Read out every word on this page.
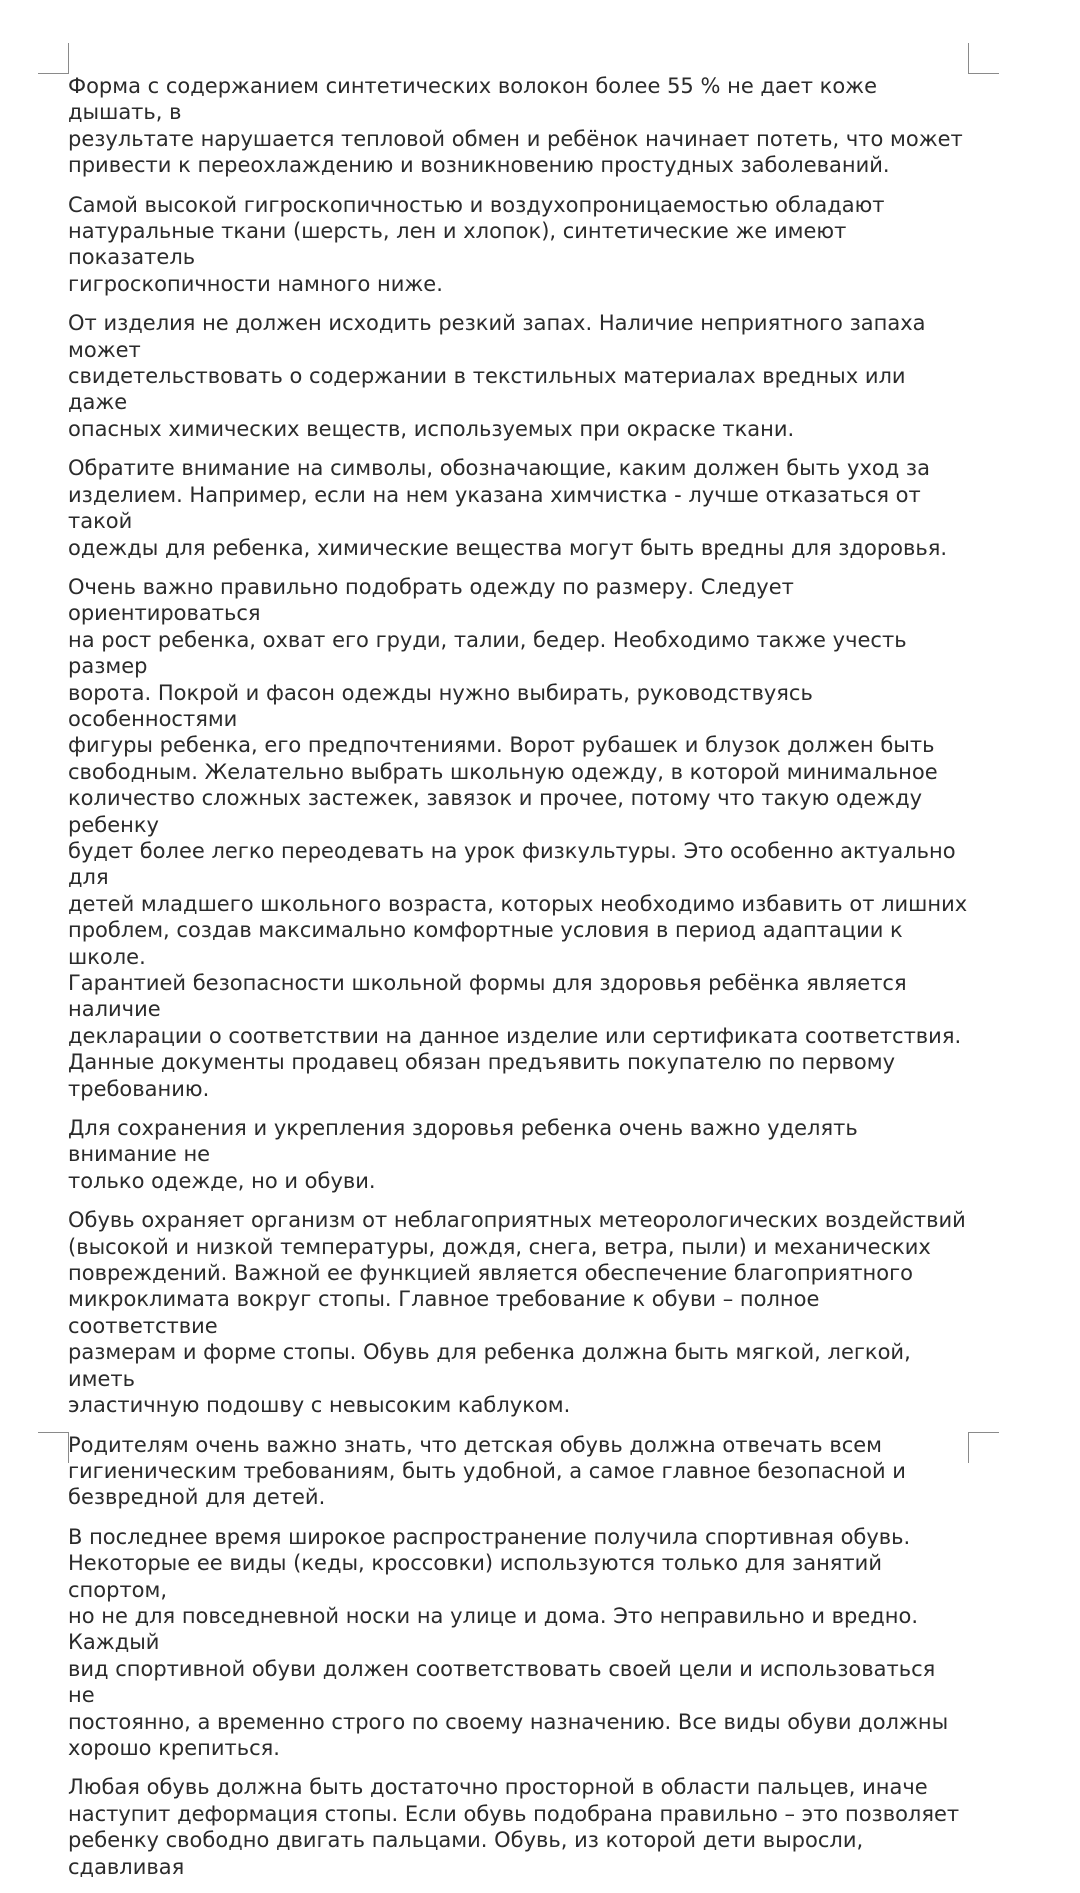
Форма с содержанием синтетических волокон более 55 % не дает коже дышать, в
результате нарушается тепловой обмен и ребёнок начинает потеть, что может
привести к переохлаждению и возникновению простудных заболеваний.

Самой высокой гигроскопичностью и воздухопроницаемостью обладают
натуральные ткани (шерсть, лен и хлопок), синтетические же имеют показатель
гигроскопичности намного ниже.

От изделия не должен исходить резкий запах. Наличие неприятного запаха может
свидетельствовать о содержании в текстильных материалах вредных или даже
опасных химических веществ, используемых при окраске ткани.

Обратите внимание на символы, обозначающие, каким должен быть уход за
изделием. Например, если на нем указана химчистка - лучше отказаться от такой
одежды для ребенка, химические вещества могут быть вредны для здоровья.

Очень важно правильно подобрать одежду по размеру. Следует ориентироваться
на рост ребенка, охват его груди, талии, бедер. Необходимо также учесть размер
ворота. Покрой и фасон одежды нужно выбирать, руководствуясь особенностями
фигуры ребенка, его предпочтениями. Ворот рубашек и блузок должен быть
свободным. Желательно выбрать школьную одежду, в которой минимальное
количество сложных застежек, завязок и прочее, потому что такую одежду ребенку
будет более легко переодевать на урок физкультуры. Это особенно актуально для
детей младшего школьного возраста, которых необходимо избавить от лишних
проблем, создав максимально комфортные условия в период адаптации к школе.
Гарантией безопасности школьной формы для здоровья ребёнка является наличие
декларации о соответствии на данное изделие или сертификата соответствия.
Данные документы продавец обязан предъявить покупателю по первому
требованию.

Для сохранения и укрепления здоровья ребенка очень важно уделять внимание не
только одежде, но и обуви.

Обувь охраняет организм от неблагоприятных метеорологических воздействий
(высокой и низкой температуры, дождя, снега, ветра, пыли) и механических
повреждений. Важной ее функцией является обеспечение благоприятного
микроклимата вокруг стопы. Главное требование к обуви – полное соответствие
размерам и форме стопы. Обувь для ребенка должна быть мягкой, легкой, иметь
эластичную подошву с невысоким каблуком.

Родителям очень важно знать, что детская обувь должна отвечать всем
гигиеническим требованиям, быть удобной, а самое главное безопасной и
безвредной для детей.

В последнее время широкое распространение получила спортивная обувь.
Некоторые ее виды (кеды, кроссовки) используются только для занятий спортом,
но не для повседневной носки на улице и дома. Это неправильно и вредно. Каждый
вид спортивной обуви должен соответствовать своей цели и использоваться не
постоянно, а временно строго по своему назначению. Все виды обуви должны
хорошо крепиться.

Любая обувь должна быть достаточно просторной в области пальцев, иначе
наступит деформация стопы. Если обувь подобрана правильно – это позволяет
ребенку свободно двигать пальцами. Обувь, из которой дети выросли, сдавливая
